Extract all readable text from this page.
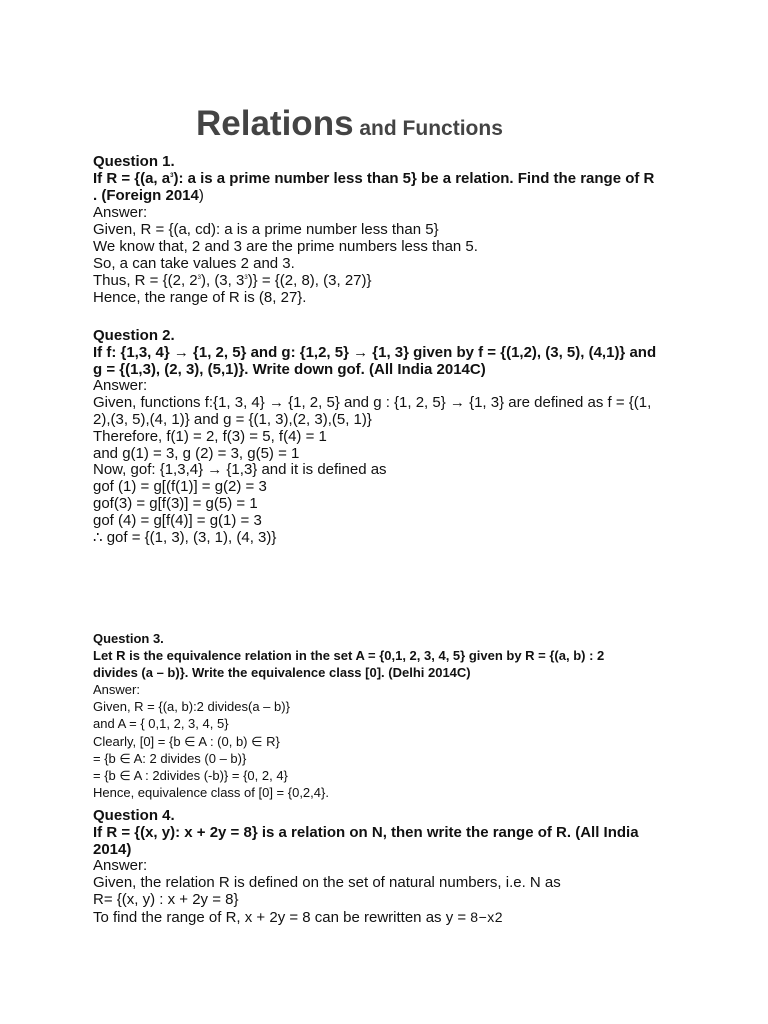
Relations and Functions
Question 1.
If R = {(a, $a^3$): a is a prime number less than 5} be a relation. Find the range of R
. (Foreign 2014)
Answer:
Given, R = {(a, cd): a is a prime number less than 5}
We know that, 2 and 3 are the prime numbers less than 5.
So, a can take values 2 and 3.
Thus, R = {(2, $2^3$), (3, $3^3)\} = \{(2$, 8), (3, 27)}
Hence, the range of R is (8, 27}.
Question 2.
If f: {1,3, 4} → {1, 2, 5} and g: {1,2, 5} → {1, 3} given by f = {(1,2), (3, 5), (4,1)} and
g = {(1,3), (2, 3), (5,1)}. Write down gof. (All India 2014C)
Answer:
Given, functions f:{1, 3, 4} → {1, 2, 5} and g : {1, 2, 5} → {1, 3} are defined as f = {(1,
2),(3, 5),(4, 1)} and g = {(1, 3),(2, 3),(5, 1)}
Therefore, f(1) = 2, f(3) = 5, f(4) = 1
and g(1) = 3, g (2) = 3, g(5) = 1
Now, gof: {1,3,4} → {1,3} and it is defined as
gof (1) = g[(f(1)] = g(2) = 3
gof(3) = g[f(3)] = g(5) = 1
gof (4) = g[f(4)] = g(1) = 3
∴ gof = {(1, 3), (3, 1), (4, 3)}
Question 3.
Let R is the equivalence relation in the set A = {0,1, 2, 3, 4, 5} given by R = {(a, b) : 2
divides (a – b)}. Write the equivalence class [0]. (Delhi 2014C)
Answer:
Given, R = {(a, b):2 divides(a – b)}
and A = { 0,1, 2, 3, 4, 5}
Clearly, [0] = {b ∈ A : (0, b) ∈ R}
= {b ∈ A: 2 divides (0 – b)}
= {b ∈ A : 2divides (-b)} = {0, 2, 4}
Hence, equivalence class of [0] = {0,2,4}.
Question 4.
If R = {(x, y): x + 2y = 8} is a relation on N, then write the range of R. (All India
2014)
Answer:
Given, the relation R is defined on the set of natural numbers, i.e. N as
R= {(x, y) : x + 2y = 8}
To find the range of R, x + 2y = 8 can be rewritten as y = 8−x2
